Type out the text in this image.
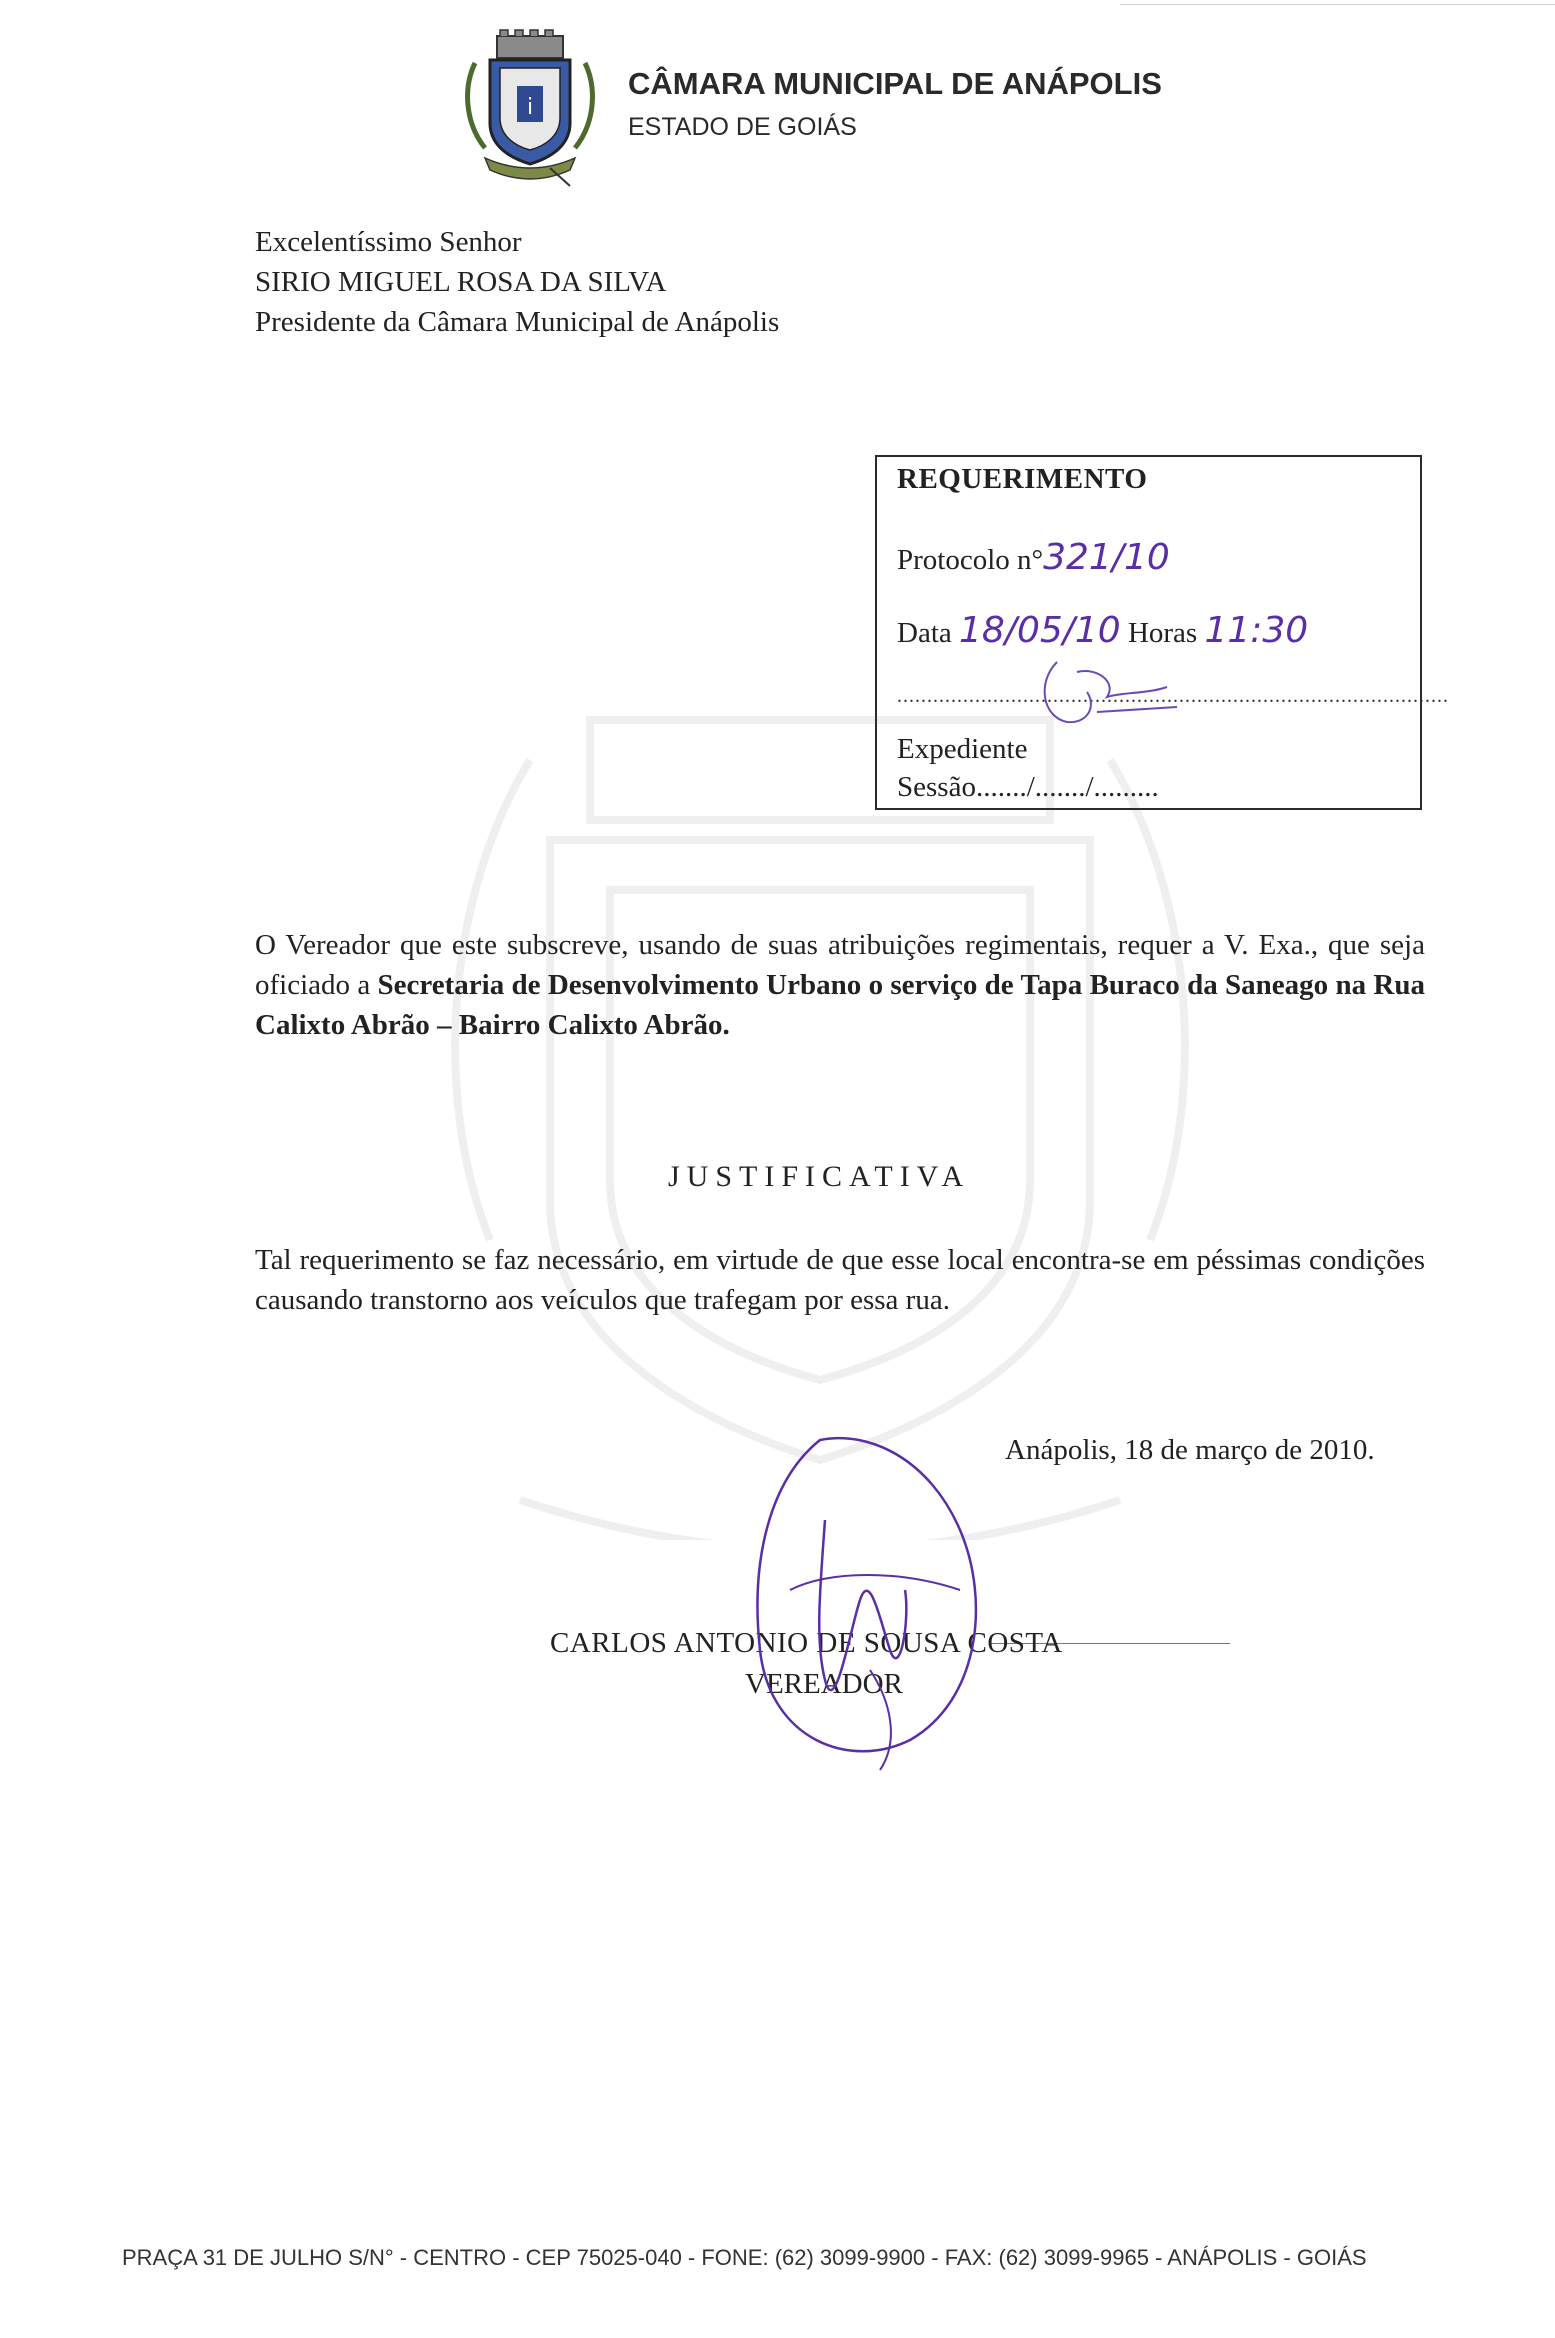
i
CÂMARA MUNICIPAL DE ANÁPOLIS
ESTADO DE GOIÁS
Excelentíssimo Senhor
SIRIO MIGUEL ROSA DA SILVA
Presidente da Câmara Municipal de Anápolis
REQUERIMENTO
Protocolo n°321/10
Data 18/05/10 Horas 11:30
............................................................................................
Expediente
Sessão......./......./.........
O Vereador que este subscreve, usando de suas atribuições regimentais, requer a V. Exa., que seja oficiado a Secretaria de Desenvolvimento Urbano o serviço de Tapa Buraco da Saneago na Rua Calixto Abrão – Bairro Calixto Abrão.
JUSTIFICATIVA
Tal requerimento se faz necessário, em virtude de que esse local encontra-se em péssimas condições causando transtorno aos veículos que trafegam por essa rua.
Anápolis, 18 de março de 2010.
CARLOS ANTONIO DE SOUSA COSTA
VEREADOR
PRAÇA 31 DE JULHO S/N° - CENTRO - CEP 75025-040 - FONE: (62) 3099-9900 - FAX: (62) 3099-9965 - ANÁPOLIS - GOIÁS
